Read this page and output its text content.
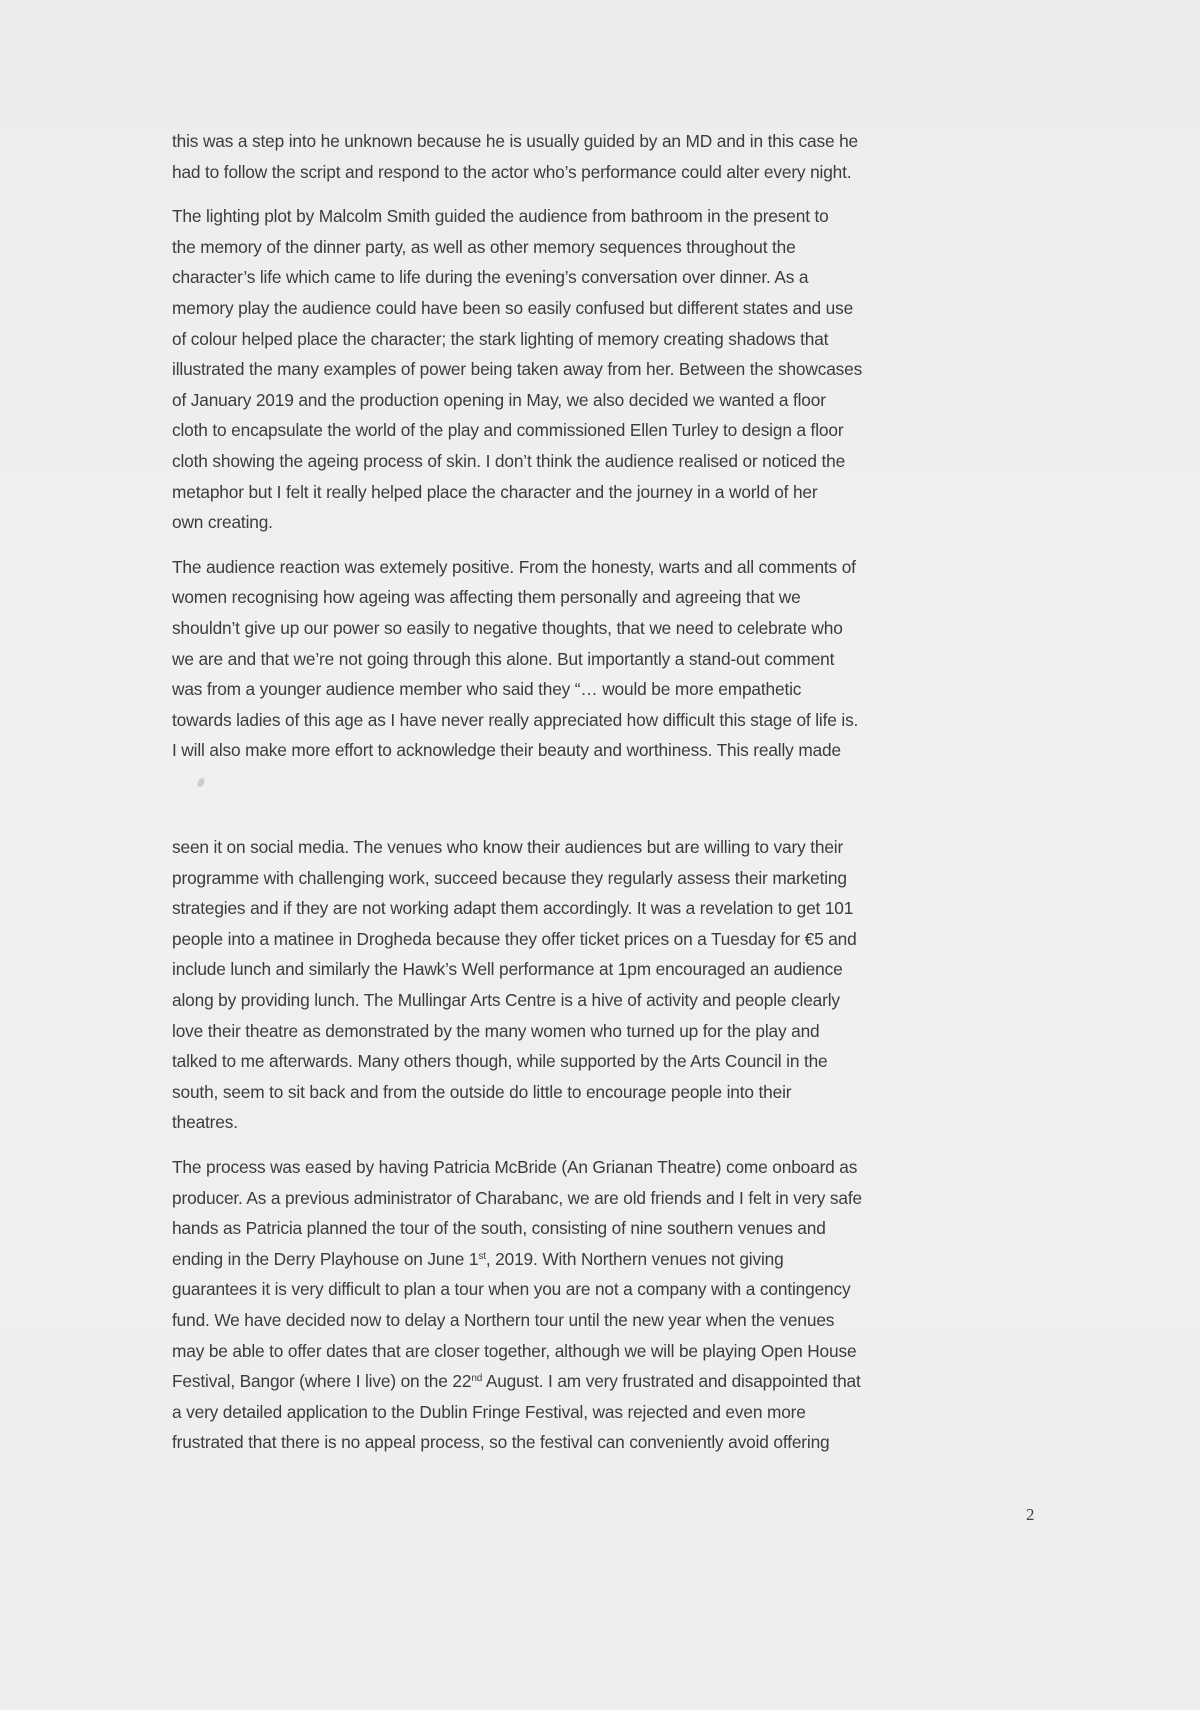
this was a step into he unknown because he is usually guided by an MD and in this case he
had to follow the script and respond to the actor who’s performance could alter every night.

The lighting plot by Malcolm Smith guided the audience from bathroom in the present to
the memory of the dinner party, as well as other memory sequences throughout the
character’s life which came to life during the evening’s conversation over dinner. As a
memory play the audience could have been so easily confused but different states and use
of colour helped place the character; the stark lighting of memory creating shadows that
illustrated the many examples of power being taken away from her. Between the showcases
of January 2019 and the production opening in May, we also decided we wanted a floor
cloth to encapsulate the world of the play and commissioned Ellen Turley to design a floor
cloth showing the ageing process of skin. I don’t think the audience realised or noticed the
metaphor but I felt it really helped place the character and the journey in a world of her
own creating.

The audience reaction was extemely positive. From the honesty, warts and all comments of
women recognising how ageing was affecting them personally and agreeing that we
shouldn’t give up our power so easily to negative thoughts, that we need to celebrate who
we are and that we’re not going through this alone. But importantly a stand-out comment
was from a younger audience member who said they “… would be more empathetic
towards ladies of this age as I have never really appreciated how difficult this stage of life is.
I will also make more effort to acknowledge their beauty and worthiness. This really made

seen it on social media. The venues who know their audiences but are willing to vary their
programme with challenging work, succeed because they regularly assess their marketing
strategies and if they are not working adapt them accordingly. It was a revelation to get 101
people into a matinee in Drogheda because they offer ticket prices on a Tuesday for €5 and
include lunch and similarly the Hawk’s Well performance at 1pm encouraged an audience
along by providing lunch. The Mullingar Arts Centre is a hive of activity and people clearly
love their theatre as demonstrated by the many women who turned up for the play and
talked to me afterwards. Many others though, while supported by the Arts Council in the
south, seem to sit back and from the outside do little to encourage people into their
theatres.

The process was eased by having Patricia McBride (An Grianan Theatre) come onboard as
producer. As a previous administrator of Charabanc, we are old friends and I felt in very safe
hands as Patricia planned the tour of the south, consisting of nine southern venues and
ending in the Derry Playhouse on June 1st, 2019. With Northern venues not giving
guarantees it is very difficult to plan a tour when you are not a company with a contingency
fund. We have decided now to delay a Northern tour until the new year when the venues
may be able to offer dates that are closer together, although we will be playing Open House
Festival, Bangor (where I live) on the 22nd August. I am very frustrated and disappointed that
a very detailed application to the Dublin Fringe Festival, was rejected and even more
frustrated that there is no appeal process, so the festival can conveniently avoid offering

2
